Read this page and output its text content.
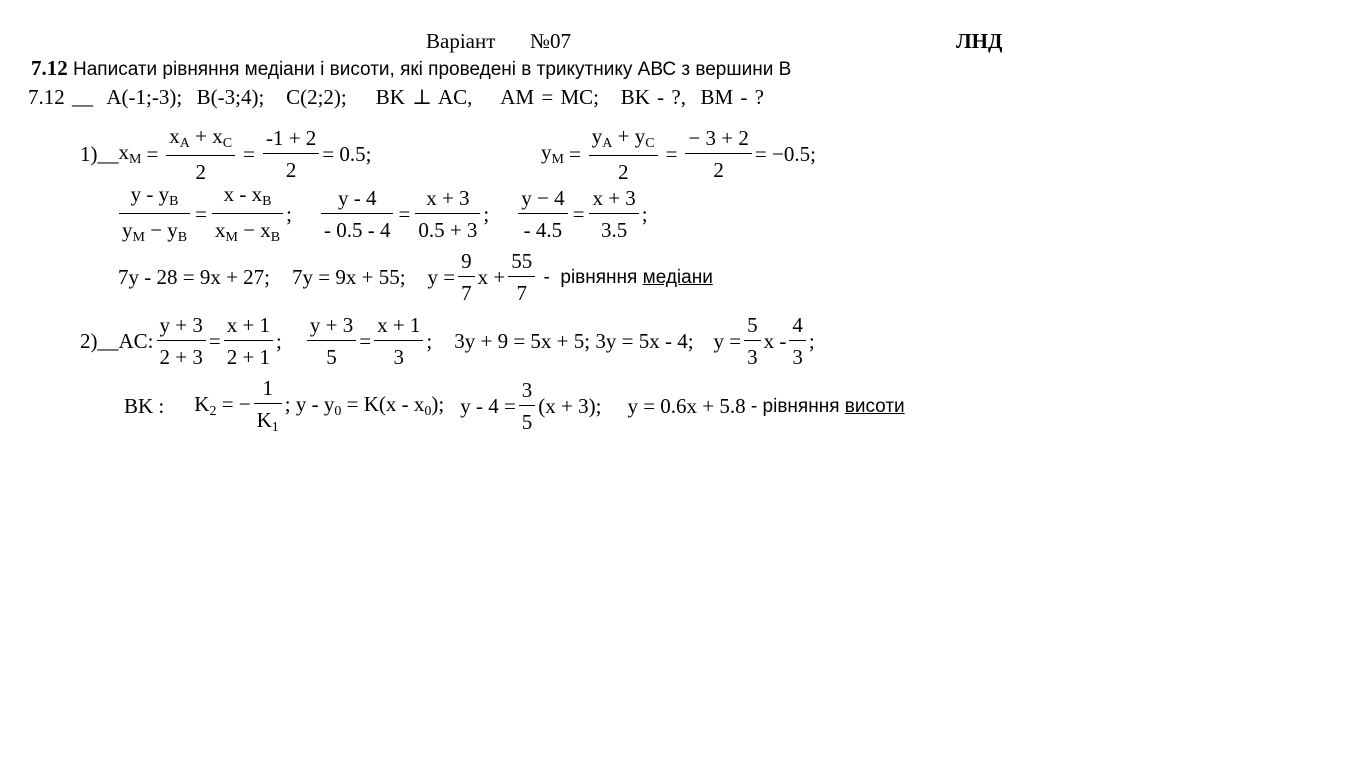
Варіант №07	ЛНД
7.12 Написати рівняння медіани і висоти, які проведені в трикутнику АВС з вершини В
7.12 __ A(-1;-3); B(-3;4); C(2;2); BK ⊥ AC, AM = MC; BK - ?, BM - ?
1)__ $x_M = \frac{x_A + x_C}{2} = \frac{-1 + 2}{2} = 0.5$;	$y_M = \frac{y_A + y_C}{2} = \frac{- 3 + 2}{2} = -0.5$;
$\frac{y - y_B}{y_M - y_B} = \frac{x - x_B}{x_M - x_B}$ ; $\frac{y - 4}{- 0.5 - 4} = \frac{x + 3}{0.5 + 3}$ ; $\frac{y - 4}{- 4.5} = \frac{x + 3}{3.5}$ ;
7y - 28 = 9x + 27; 7y = 9x + 55; $y = \frac{9}{7}$ $x + \frac{55}{7}$ -  рівняння медіани
2)__AC: $\frac{y + 3}{2 + 3} = \frac{x + 1}{2 + 1}$ ; $\frac{y + 3}{5} = \frac{x + 1}{3}$ ; 3y + 9 = 5x + 5; 3y = 5x - 4; $y = \frac{5}{3}$ x -
4
3
;
BK : $K_2$ = − $\frac{1}{K_1}$ ; $y - y_0 = K(x - x_0)$; $y - 4 = \frac{3}{5} (x + 3)$; y = 0.6x + 5.8 - рівняння висоти
